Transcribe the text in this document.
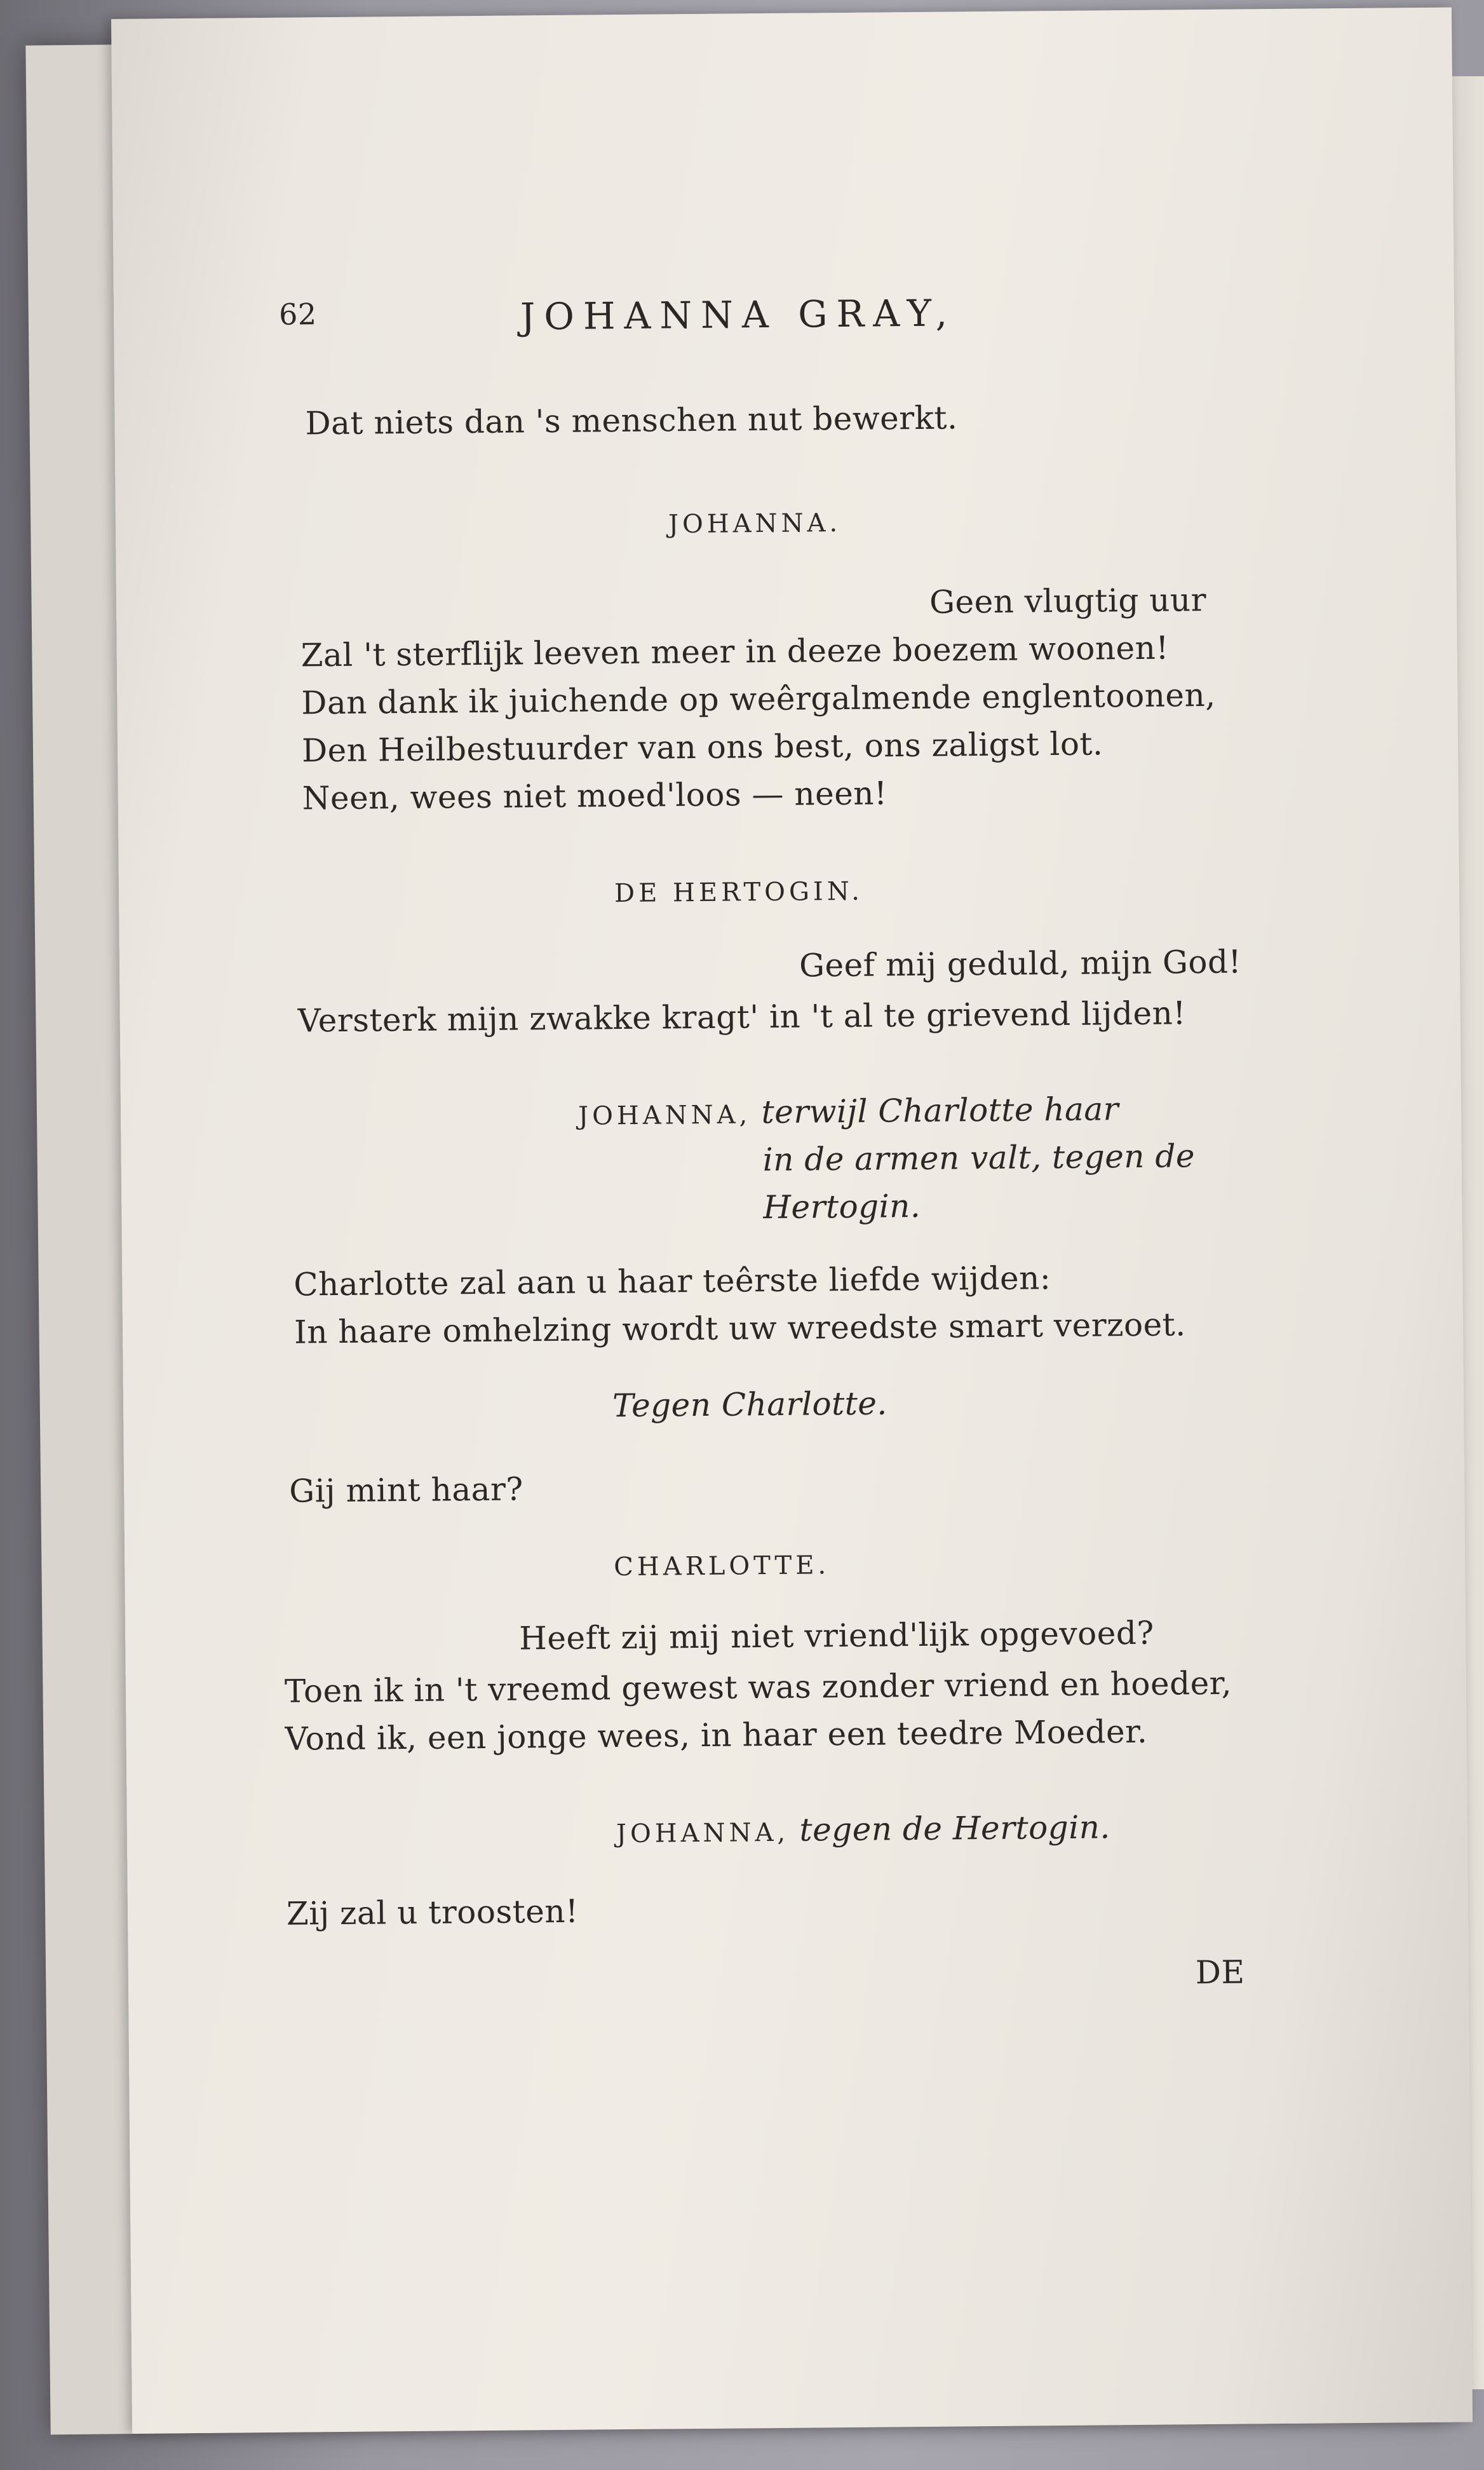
62	JOHANNA GRAY,
Dat niets dan 's menschen nut bewerkt.
JOHANNA.
Geen vlugtig uur
Zal 't sterflijk leeven meer in deeze boezem woonen!
Dan dank ik juichende op weêrgalmende englentoonen,
Den Heilbestuurder van ons best, ons zaligst lot.
Neen, wees niet moed'loos — neen!
DE HERTOGIN.
Geef mij geduld, mijn God!
Versterk mijn zwakke kragt' in 't al te grievend lijden!
JOHANNA, terwijl Charlotte haar
in de armen valt, tegen de
Hertogin.
Charlotte zal aan u haar teêrste liefde wijden:
In haare omhelzing wordt uw wreedste smart verzoet.
Tegen Charlotte.
Gij mint haar?
CHARLOTTE.
Heeft zij mij niet vriend'lijk opgevoed?
Toen ik in 't vreemd gewest was zonder vriend en hoeder,
Vond ik, een jonge wees, in haar een teedre Moeder.
JOHANNA, tegen de Hertogin.
Zij zal u troosten!
DE
